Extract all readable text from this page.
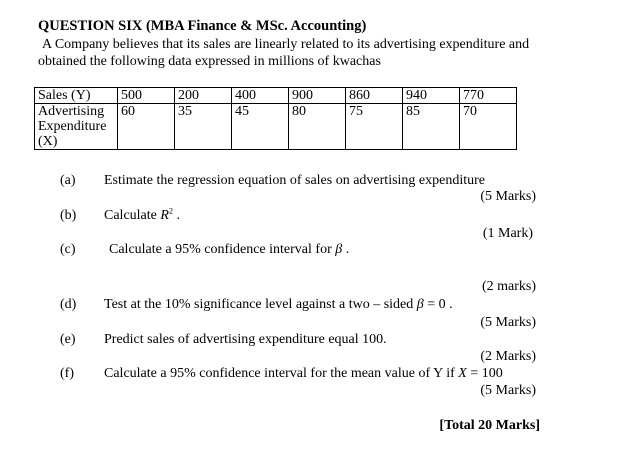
QUESTION SIX (MBA Finance & MSc. Accounting)
A Company believes that its sales are linearly related to its advertising expenditure and
obtained the following data expressed in millions of kwachas
Sales (Y)	500	200	400	900	860	940	770

Advertising
Expenditure
(X)	60	35	45	80	75	85	70
(a) Estimate the regression equation of sales on advertising expenditure
(5 Marks)
(b) Calculate $R^2$ .
(1 Mark)
(c) Calculate a 95% confidence interval for β .
(2 marks)
(d) Test at the 10% significance level against a two – sided β = 0 .
(5 Marks)
(e) Predict sales of advertising expenditure equal 100.
(2 Marks)
(f) Calculate a 95% confidence interval for the mean value of Y if X = 100
(5 Marks)
[Total 20 Marks]
